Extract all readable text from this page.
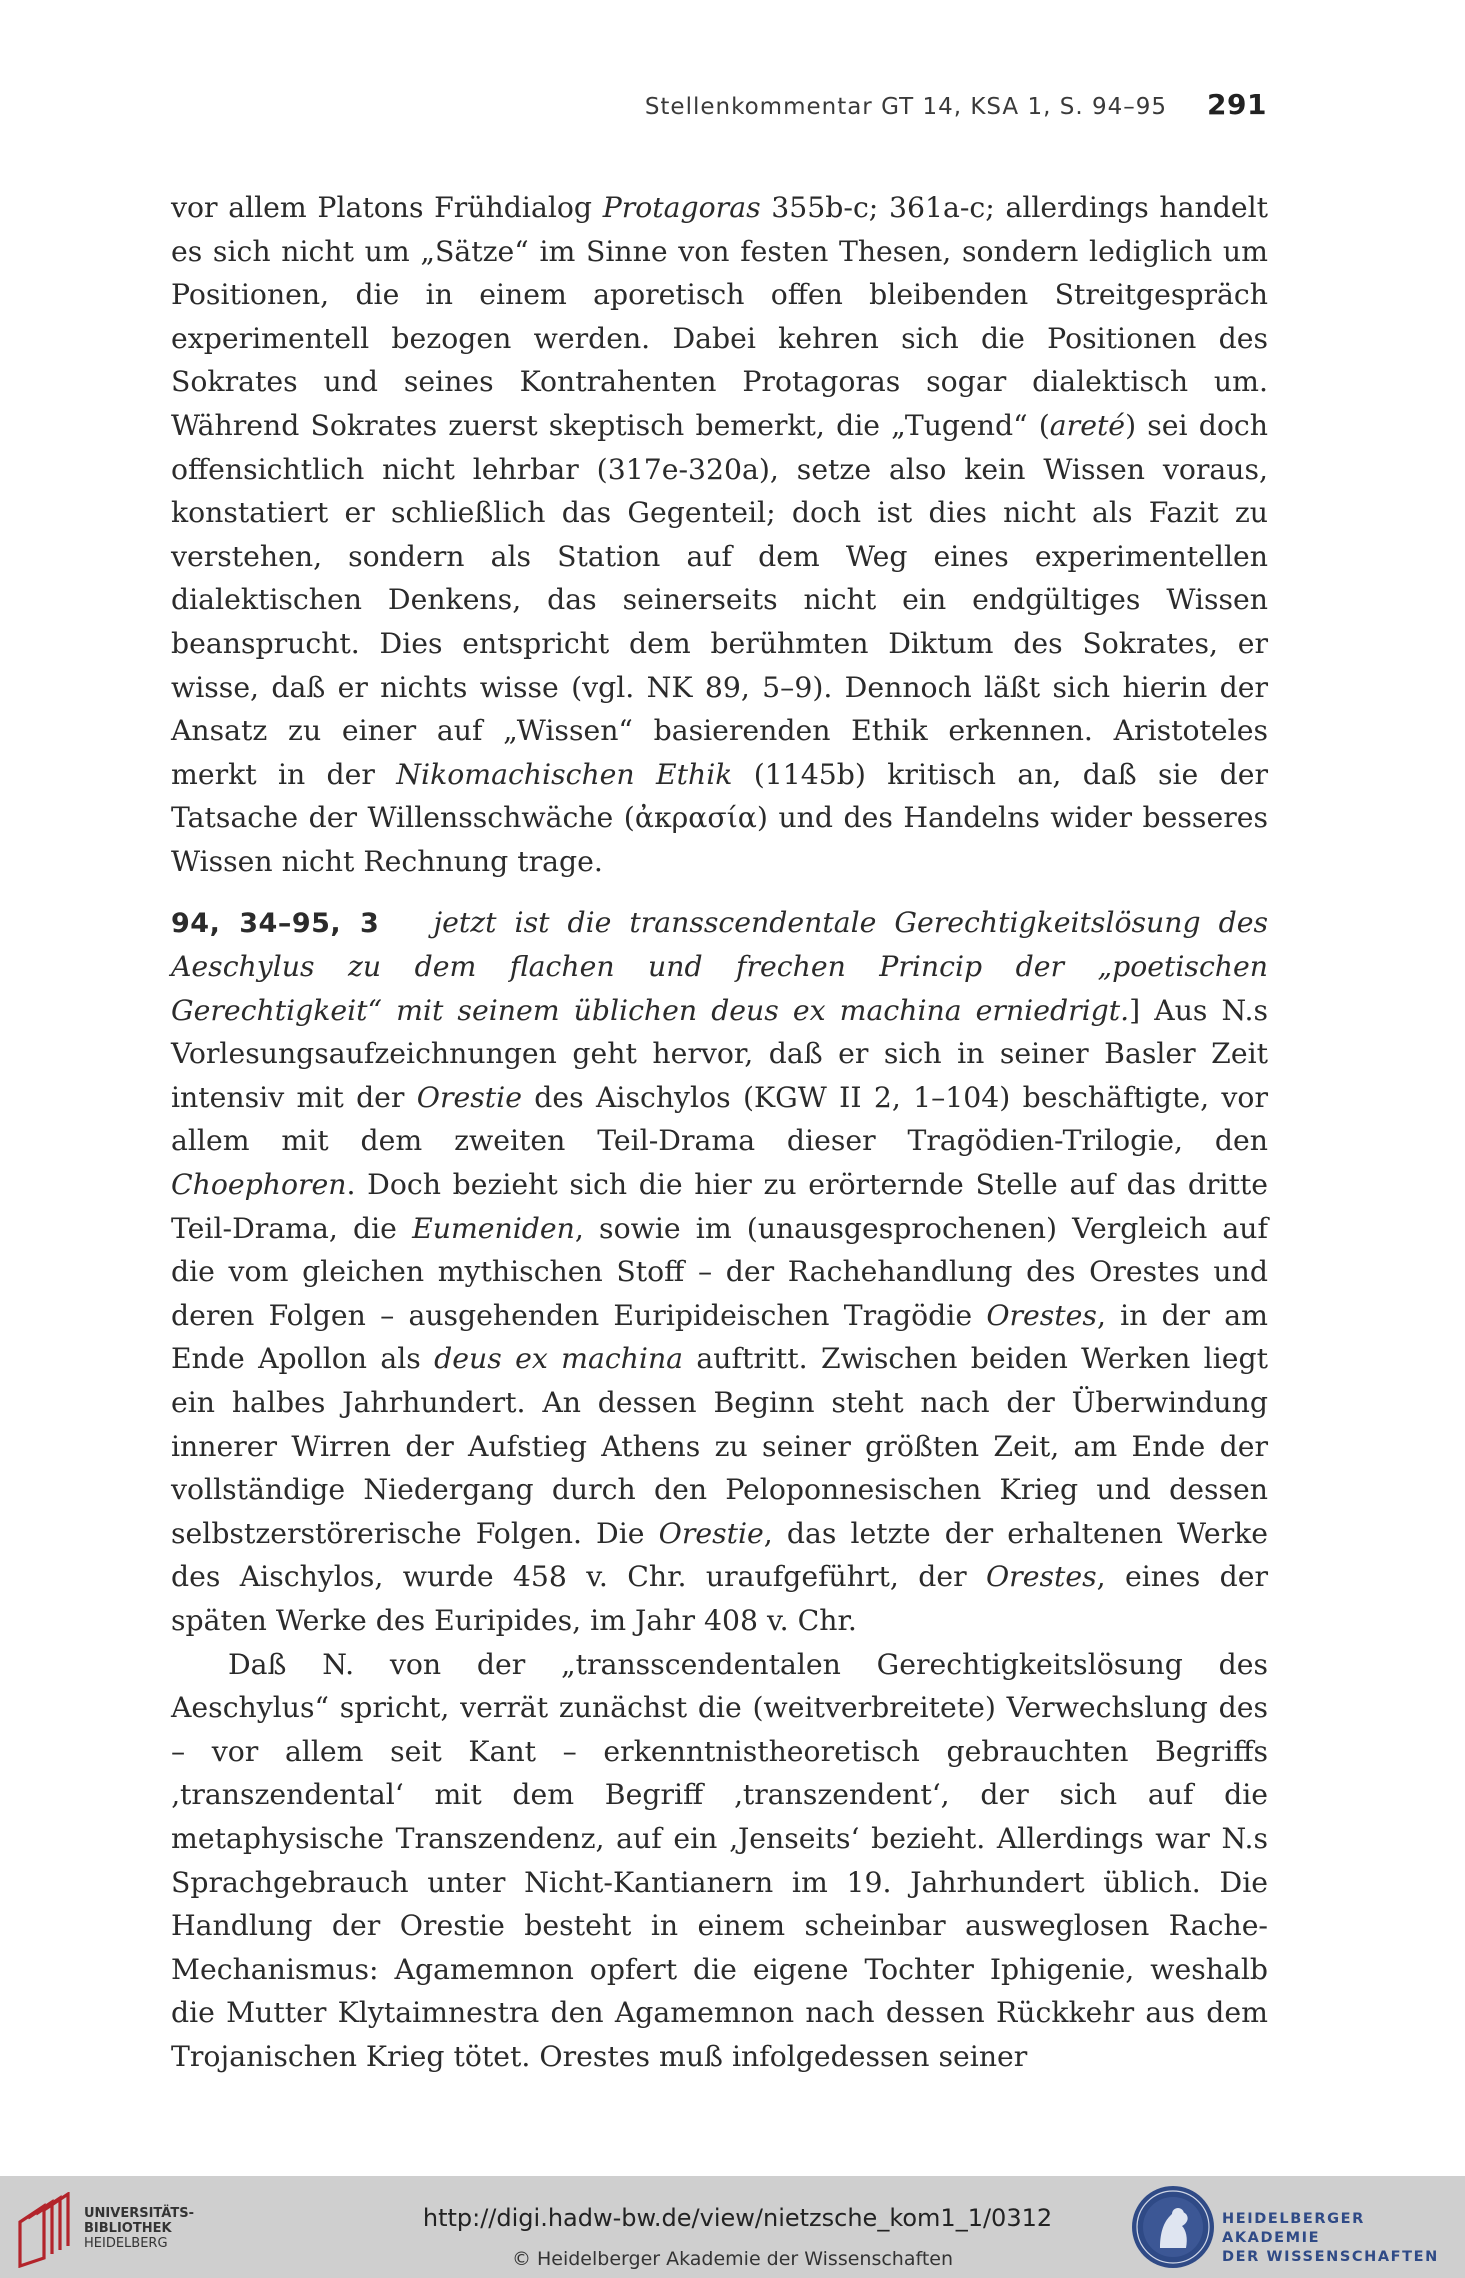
Stellenkommentar GT 14, KSA 1, S. 94–95 291

vor allem Platons Frühdialog Protagoras 355b-c; 361a-c; allerdings handelt es sich nicht um „Sätze“ im Sinne von festen Thesen, sondern lediglich um Positionen, die in einem aporetisch offen bleibenden Streitgespräch experimentell bezogen werden. Dabei kehren sich die Positionen des Sokrates und seines Kontrahenten Protagoras sogar dialektisch um. Während Sokrates zuerst skeptisch bemerkt, die „Tugend“ (areté) sei doch offensichtlich nicht lehrbar (317e-320a), setze also kein Wissen voraus, konstatiert er schließlich das Gegenteil; doch ist dies nicht als Fazit zu verstehen, sondern als Station auf dem Weg eines experimentellen dialektischen Denkens, das seinerseits nicht ein endgültiges Wissen beansprucht. Dies entspricht dem berühmten Diktum des Sokrates, er wisse, daß er nichts wisse (vgl. NK 89, 5–9). Dennoch läßt sich hierin der Ansatz zu einer auf „Wissen“ basierenden Ethik erkennen. Aristoteles merkt in der Nikomachischen Ethik (1145b) kritisch an, daß sie der Tatsache der Willensschwäche (ἀκρασία) und des Handelns wider besseres Wissen nicht Rechnung trage.

94, 34–95, 3 jetzt ist die transscendentale Gerechtigkeitslösung des Aeschylus zu dem flachen und frechen Princip der „poetischen Gerechtigkeit“ mit seinem üblichen deus ex machina erniedrigt.] Aus N.s Vorlesungsaufzeichnungen geht hervor, daß er sich in seiner Basler Zeit intensiv mit der Orestie des Aischylos (KGW II 2, 1–104) beschäftigte, vor allem mit dem zweiten Teil-Drama dieser Tragödien-Trilogie, den Choephoren. Doch bezieht sich die hier zu erörternde Stelle auf das dritte Teil-Drama, die Eumeniden, sowie im (unausgesprochenen) Vergleich auf die vom gleichen mythischen Stoff – der Rachehandlung des Orestes und deren Folgen – ausgehenden Euripideischen Tragödie Orestes, in der am Ende Apollon als deus ex machina auftritt. Zwischen beiden Werken liegt ein halbes Jahrhundert. An dessen Beginn steht nach der Überwindung innerer Wirren der Aufstieg Athens zu seiner größten Zeit, am Ende der vollständige Niedergang durch den Peloponnesischen Krieg und dessen selbstzerstörerische Folgen. Die Orestie, das letzte der erhaltenen Werke des Aischylos, wurde 458 v. Chr. uraufgeführt, der Orestes, eines der späten Werke des Euripides, im Jahr 408 v. Chr.

Daß N. von der „transscendentalen Gerechtigkeitslösung des Aeschylus“ spricht, verrät zunächst die (weitverbreitete) Verwechslung des – vor allem seit Kant – erkenntnistheoretisch gebrauchten Begriffs ‚transzendental‘ mit dem Begriff ‚transzendent‘, der sich auf die metaphysische Transzendenz, auf ein ‚Jenseits‘ bezieht. Allerdings war N.s Sprachgebrauch unter Nicht-Kantianern im 19. Jahrhundert üblich. Die Handlung der Orestie besteht in einem scheinbar ausweglosen Rache-Mechanismus: Agamemnon opfert die eigene Tochter Iphigenie, weshalb die Mutter Klytaimnestra den Agamemnon nach dessen Rückkehr aus dem Trojanischen Krieg tötet. Orestes muß infolgedessen seiner

UNIVERSITÄTS-
BIBLIOTHEK
HEIDELBERG
http://digi.hadw-bw.de/view/nietzsche_kom1_1/0312
© Heidelberger Akademie der Wissenschaften
HEIDELBERGER AKADEMIE
DER WISSENSCHAFTEN
